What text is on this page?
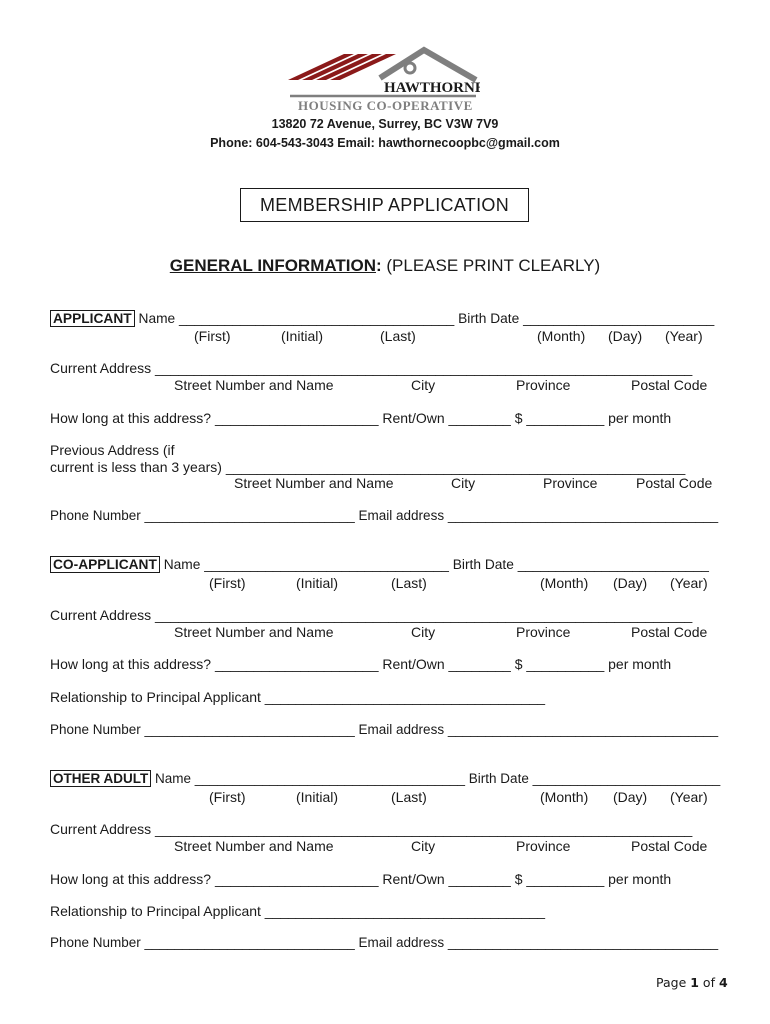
HAWTHORNE
HOUSING CO-OPERATIVE
13820 72 Avenue, Surrey, BC V3W 7V9
Phone: 604-543-3043 Email: hawthornecoopbc@gmail.com
MEMBERSHIP APPLICATION
GENERAL INFORMATION: (PLEASE PRINT CLEARLY)
APPLICANT Name ____________________________________ Birth Date _________________________
(First)	(Initial)	(Last)	(Month) (Day) (Year)
Current Address _____________________________________________________________________
Street Number and Name	City	Province	Postal Code
How long at this address? _____________________ Rent/Own ________ $ __________ per month
Previous Address (if
current is less than 3 years) ___________________________________________________________
Street Number and Name	City	Province	Postal Code
Phone Number ____________________________ Email address ____________________________________
CO-APPLICANT Name ________________________________ Birth Date _________________________
(First)	(Initial)	(Last)	(Month) (Day) (Year)
Current Address _____________________________________________________________________
Street Number and Name	City	Province	Postal Code
How long at this address? _____________________ Rent/Own ________ $ __________ per month
Relationship to Principal Applicant ____________________________________
Phone Number ____________________________ Email address ____________________________________
OTHER ADULT Name ____________________________________ Birth Date _________________________
(First)	(Initial)	(Last)	(Month) (Day) (Year)
Current Address _____________________________________________________________________
Street Number and Name	City	Province	Postal Code
How long at this address? _____________________ Rent/Own ________ $ __________ per month
Relationship to Principal Applicant ____________________________________
Phone Number ____________________________ Email address ____________________________________
Page 1 of 4
